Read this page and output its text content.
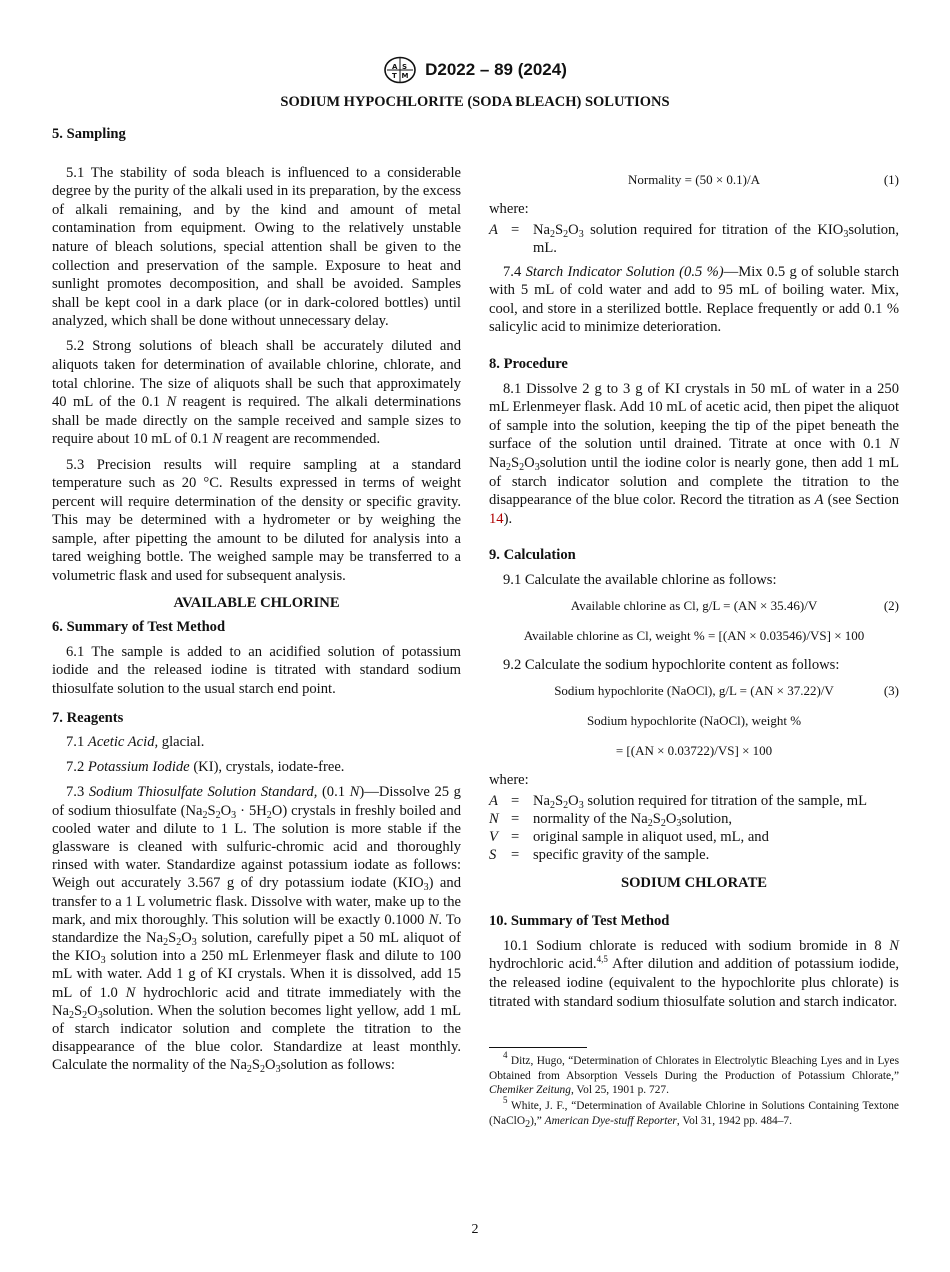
A S
T M D2022 – 89 (2024)
SODIUM HYPOCHLORITE (SODA BLEACH) SOLUTIONS
5. Sampling

5.1 The stability of soda bleach is influenced to a considerable degree by the purity of the alkali used in its preparation, by the excess of alkali remaining, and by the kind and amount of metal contamination from equipment. Owing to the relatively unstable nature of bleach solutions, special attention shall be given to the collection and preservation of the sample. Exposure to heat and sunlight promotes decomposition, and shall be avoided. Samples shall be kept cool in a dark place (or in dark-colored bottles) until analyzed, which shall be done without unnecessary delay.

5.2 Strong solutions of bleach shall be accurately diluted and aliquots taken for determination of available chlorine, chlorate, and total chlorine. The size of aliquots shall be such that approximately 40 mL of the 0.1 N reagent is required. The alkali determinations shall be made directly on the sample received and sample sizes to require about 10 mL of 0.1 N reagent are recommended.

5.3 Precision results will require sampling at a standard temperature such as 20 °C. Results expressed in terms of weight percent will require determination of the density or specific gravity. This may be determined with a hydrometer or by weighing the sample, after pipetting the amount to be diluted for analysis into a tared weighing bottle. The weighed sample may be transferred to a volumetric flask and used for subsequent analysis.

AVAILABLE CHLORINE
6. Summary of Test Method

6.1 The sample is added to an acidified solution of potassium iodide and the released iodine is titrated with standard sodium thiosulfate solution to the usual starch end point.

7. Reagents

7.1 Acetic Acid, glacial.

7.2 Potassium Iodide (KI), crystals, iodate-free.

7.3 Sodium Thiosulfate Solution Standard, (0.1 N)—Dissolve 25 g of sodium thiosulfate $(Na_2S_2O_3 \cdot 5H_2O)$ crystals in freshly boiled and cooled water and dilute to 1 L. The solution is more stable if the glassware is cleaned with sulfuric-chromic acid and thoroughly rinsed with water. Standardize against potassium iodate as follows: Weigh out accurately 3.567 g of dry potassium iodate $(KIO_3)$ and transfer to a 1 L volumetric flask. Dissolve with water, make up to the mark, and mix thoroughly. This solution will be exactly 0.1000 N. To standardize the $Na_2S_2O_3$ solution, carefully pipet a 50 mL aliquot of the $KIO_3$ solution into a 250 mL Erlenmeyer flask and dilute to 100 mL with water. Add 1 g of KI crystals. When it is dissolved, add 15 mL of 1.0 N hydrochloric acid and titrate immediately with the $Na_2S_2O_3solution$. When the solution becomes light yellow, add 1 mL of starch indicator solution and complete the titration to the disappearance of the blue color. Standardize at least monthly. Calculate the normality of the $Na_2S_2O_3solution$ as follows:

Normality = (50 × 0.1)/A	(1)

where:

$A = Na_2S_2O_3$ solution required for titration of the $KIO_3solution$, mL.

7.4 Starch Indicator Solution (0.5 %)—Mix 0.5 g of soluble starch with 5 mL of cold water and add to 95 mL of boiling water. Mix, cool, and store in a sterilized bottle. Replace frequently or add 0.1 % salicylic acid to minimize deterioration.

8. Procedure

8.1 Dissolve 2 g to 3 g of KI crystals in 50 mL of water in a 250 mL Erlenmeyer flask. Add 10 mL of acetic acid, then pipet the aliquot of sample into the solution, keeping the tip of the pipet beneath the surface of the solution until drained. Titrate at once with 0.1 N $Na_2S_2O_3solution$ until the iodine color is nearly gone, then add 1 mL of starch indicator solution and complete the titration to the disappearance of the blue color. Record the titration as A (see Section 14).

9. Calculation

9.1 Calculate the available chlorine as follows:

Available chlorine as Cl, g/L = (AN × 35.46)/V	(2)
Available chlorine as Cl, weight % = [(AN × 0.03546)/VS] × 100

9.2 Calculate the sodium hypochlorite content as follows:

Sodium hypochlorite (NaOCl), g/L = (AN × 37.22)/V	(3)
Sodium hypochlorite (NaOCl), weight %
= [(AN × 0.03722)/VS] × 100

where:

$A = Na_2S_2O_3$ solution required for titration of the sample, mL
N = normality of the $Na_2S_2O_3solution$,
V = original sample in aliquot used, mL, and
S	= specific gravity of the sample.
SODIUM CHLORATE
10. Summary of Test Method

10.1 Sodium chlorate is reduced with sodium bromide in 8 N hydrochloric acid.$^{4,5}$ After dilution and addition of potassium iodide, the released iodine (equivalent to the hypochlorite plus chlorate) is titrated with standard sodium thiosulfate solution and starch indicator.

$^4$ Ditz, Hugo, “Determination of Chlorates in Electrolytic Bleaching Lyes and in Lyes Obtained from Absorption Vessels During the Production of Potassium Chlorate,” Chemiker Zeitung, Vol 25, 1901 p. 727.

$^5$ White, J. F., “Determination of Available Chlorine in Solutions Containing Textone (NaClO$_2$),” American Dye-stuff Reporter, Vol 31, 1942 pp. 484–7.

2
